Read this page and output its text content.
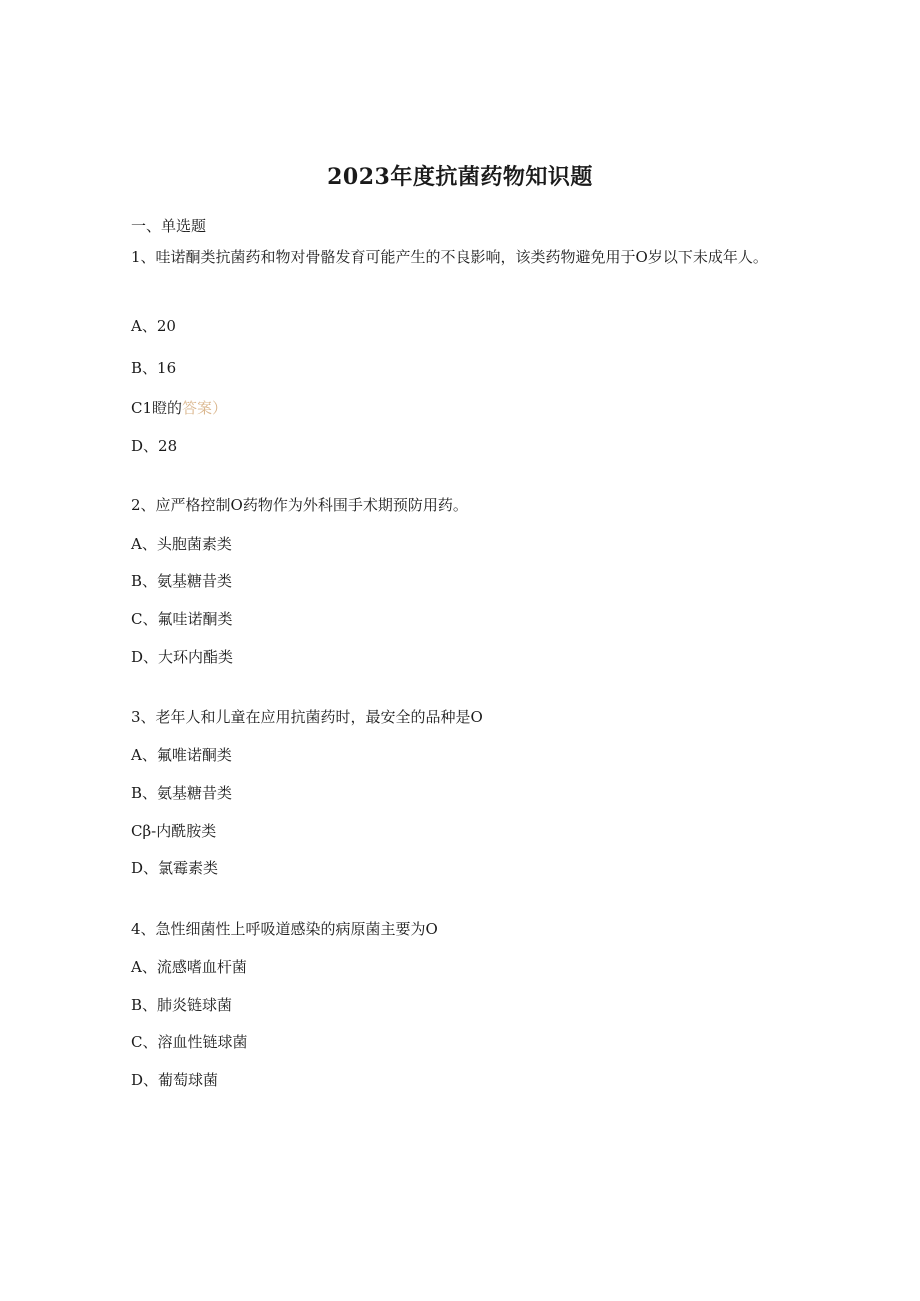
2023年度抗菌药物知识题
一、单选题
1、哇诺酮类抗菌药和物对骨骼发育可能产生的不良影响，该类药物避免用于O岁以下未成年人。
A、20
B、16
C1瞪的答案）
D、28
2、应严格控制O药物作为外科围手术期预防用药。
A、头胞菌素类
B、氨基糖昔类
C、氟哇诺酮类
D、大环内酯类
3、老年人和儿童在应用抗菌药时，最安全的品种是O
A、氟唯诺酮类
B、氨基糖昔类
Cβ-内酰胺类
D、氯霉素类
4、急性细菌性上呼吸道感染的病原菌主要为O
A、流感嗜血杆菌
B、肺炎链球菌
C、溶血性链球菌
D、葡萄球菌
